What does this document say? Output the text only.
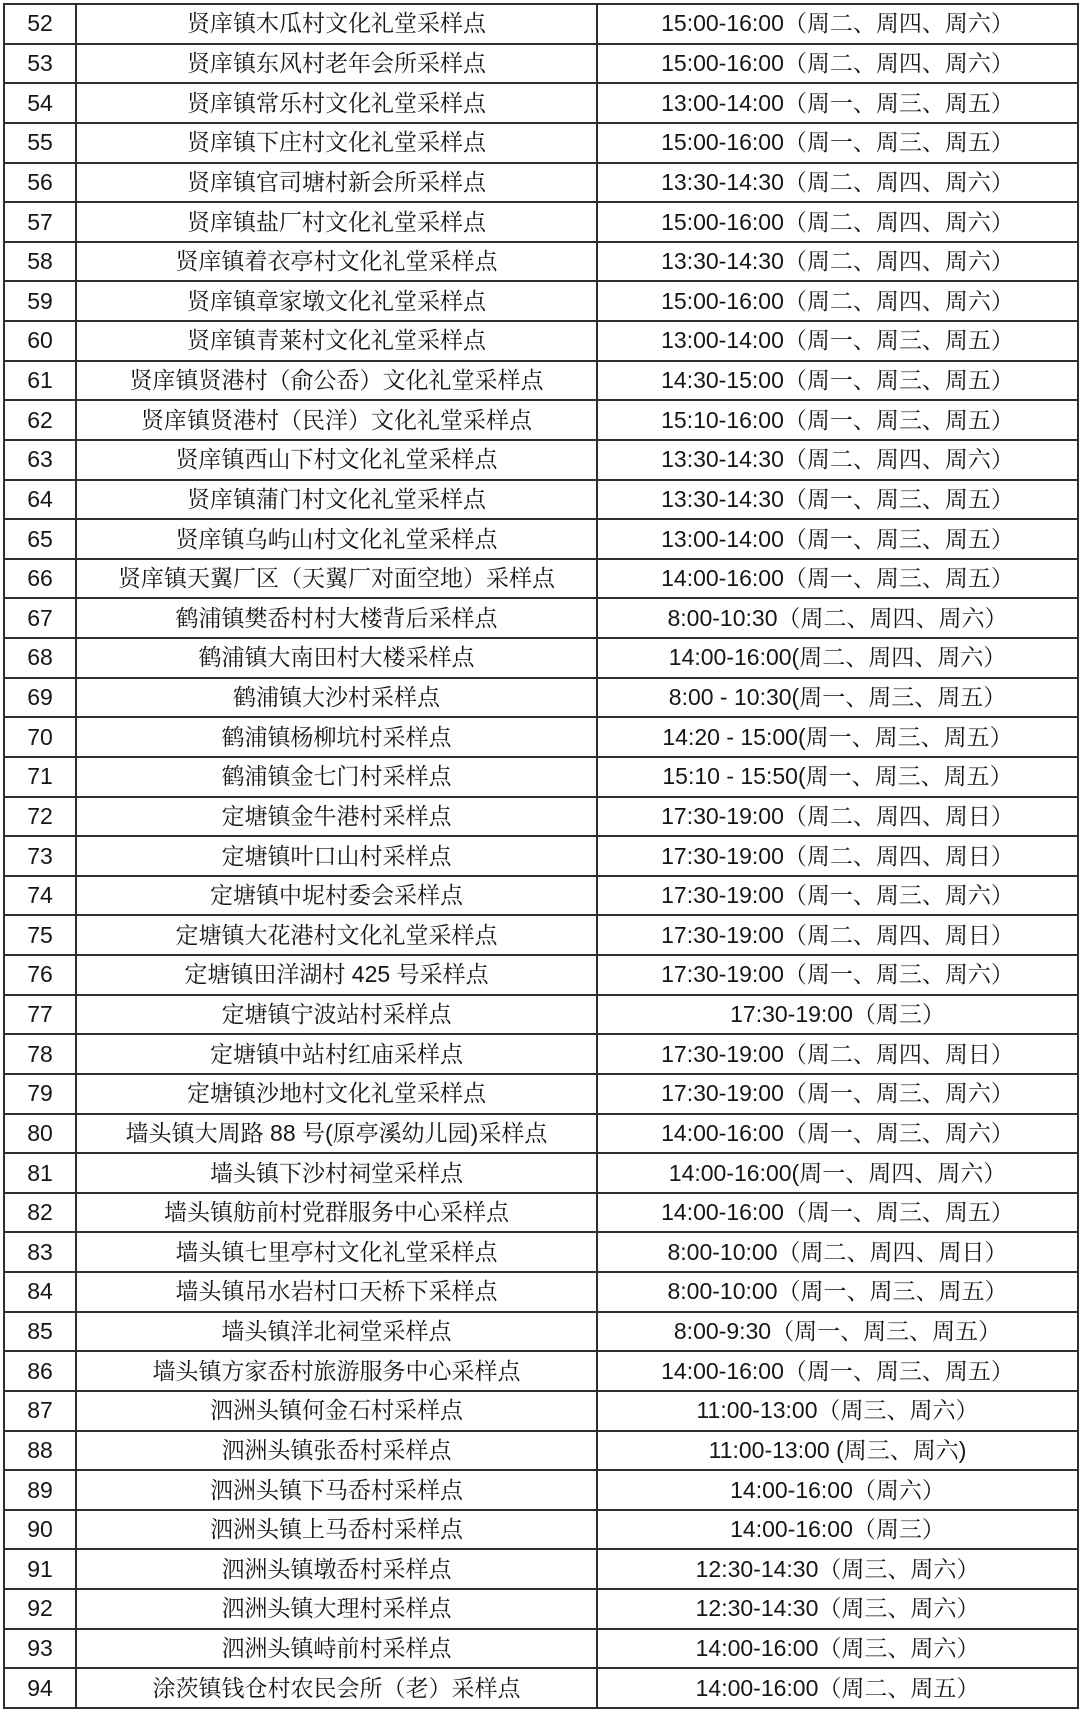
52	贤庠镇木瓜村文化礼堂采样点	15:00-16:00（周二、周四、周六）
53	贤庠镇东风村老年会所采样点	15:00-16:00（周二、周四、周六）
54	贤庠镇常乐村文化礼堂采样点	13:00-14:00（周一、周三、周五）
55	贤庠镇下庄村文化礼堂采样点	15:00-16:00（周一、周三、周五）
56	贤庠镇官司塘村新会所采样点	13:30-14:30（周二、周四、周六）
57	贤庠镇盐厂村文化礼堂采样点	15:00-16:00（周二、周四、周六）
58	贤庠镇着衣亭村文化礼堂采样点	13:30-14:30（周二、周四、周六）
59	贤庠镇章家墩文化礼堂采样点	15:00-16:00（周二、周四、周六）
60	贤庠镇青莱村文化礼堂采样点	13:00-14:00（周一、周三、周五）
61	贤庠镇贤港村（俞公岙）文化礼堂采样点	14:30-15:00（周一、周三、周五）
62	贤庠镇贤港村（民洋）文化礼堂采样点	15:10-16:00（周一、周三、周五）
63	贤庠镇西山下村文化礼堂采样点	13:30-14:30（周二、周四、周六）
64	贤庠镇蒲门村文化礼堂采样点	13:30-14:30（周一、周三、周五）
65	贤庠镇乌屿山村文化礼堂采样点	13:00-14:00（周一、周三、周五）
66	贤庠镇天翼厂区（天翼厂对面空地）采样点	14:00-16:00（周一、周三、周五）
67	鹤浦镇樊岙村村大楼背后采样点	8:00-10:30（周二、周四、周六）
68	鹤浦镇大南田村大楼采样点	14:00-16:00(周二、周四、周六）
69	鹤浦镇大沙村采样点	8:00 - 10:30(周一、周三、周五）
70	鹤浦镇杨柳坑村采样点	14:20 - 15:00(周一、周三、周五）
71	鹤浦镇金七门村采样点	15:10 - 15:50(周一、周三、周五）
72	定塘镇金牛港村采样点	17:30-19:00（周二、周四、周日）
73	定塘镇叶口山村采样点	17:30-19:00（周二、周四、周日）
74	定塘镇中坭村委会采样点	17:30-19:00（周一、周三、周六）
75	定塘镇大花港村文化礼堂采样点	17:30-19:00（周二、周四、周日）
76	定塘镇田洋湖村 425 号采样点	17:30-19:00（周一、周三、周六）
77	定塘镇宁波站村采样点	17:30-19:00（周三）
78	定塘镇中站村红庙采样点	17:30-19:00（周二、周四、周日）
79	定塘镇沙地村文化礼堂采样点	17:30-19:00（周一、周三、周六）
80	墙头镇大周路 88 号(原亭溪幼儿园)采样点	14:00-16:00（周一、周三、周六）
81	墙头镇下沙村祠堂采样点	14:00-16:00(周一、周四、周六）
82	墙头镇舫前村党群服务中心采样点	14:00-16:00（周一、周三、周五）
83	墙头镇七里亭村文化礼堂采样点	8:00-10:00（周二、周四、周日）
84	墙头镇吊水岩村口天桥下采样点	8:00-10:00（周一、周三、周五）
85	墙头镇洋北祠堂采样点	8:00-9:30（周一、周三、周五）
86	墙头镇方家岙村旅游服务中心采样点	14:00-16:00（周一、周三、周五）
87	泗洲头镇何金石村采样点	11:00-13:00（周三、周六）
88	泗洲头镇张岙村采样点	11:00-13:00 (周三、周六)
89	泗洲头镇下马岙村采样点	14:00-16:00（周六）
90	泗洲头镇上马岙村采样点	14:00-16:00（周三）
91	泗洲头镇墩岙村采样点	12:30-14:30（周三、周六）
92	泗洲头镇大理村采样点	12:30-14:30（周三、周六）
93	泗洲头镇峙前村采样点	14:00-16:00（周三、周六）
94	涂茨镇钱仓村农民会所（老）采样点	14:00-16:00（周二、周五）
